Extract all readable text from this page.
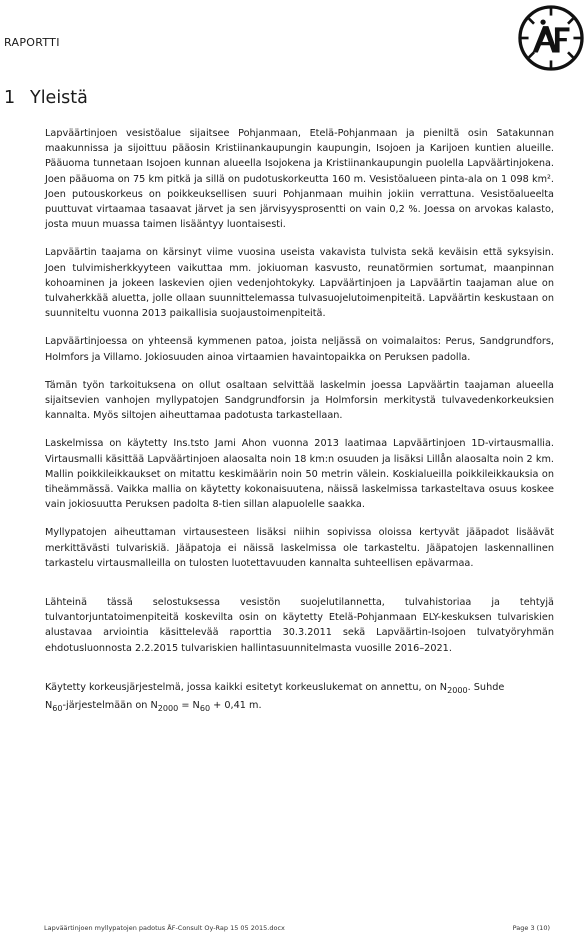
RAPORTTI
1 Yleistä

Lapväärtinjoen vesistöalue sijaitsee Pohjanmaan, Etelä-Pohjanmaan ja pieniltä osin Satakunnan maakunnissa ja sijoittuu pääosin Kristiinankaupungin kaupungin, Isojoen ja Karijoen kuntien alueille. Pääuoma tunnetaan Isojoen kunnan alueella Isojokena ja Kristiinankaupungin puolella Lapväärtinjokena. Joen pääuoma on 75 km pitkä ja sillä on pudotuskorkeutta 160 m. Vesistöalueen pinta-ala on 1 098 km². Joen putouskorkeus on poikkeuksellisen suuri Pohjanmaan muihin jokiin verrattuna. Vesistöalueelta puuttuvat virtaamaa tasaavat järvet ja sen järvisyysprosentti on vain 0,2 %. Joessa on arvokas kalasto, josta muun muassa taimen lisääntyy luontaisesti.

Lapväärtin taajama on kärsinyt viime vuosina useista vakavista tulvista sekä keväisin että syksyisin. Joen tulvimisherkkyyteen vaikuttaa mm. jokiuoman kasvusto, reunatörmien sortumat, maanpinnan kohoaminen ja jokeen laskevien ojien vedenjohtokyky. Lapväärtinjoen ja Lapväärtin taajaman alue on tulvaherkkää aluetta, jolle ollaan suunnittelemassa tulvasuojelutoimenpiteitä. Lapväärtin keskustaan on suunniteltu vuonna 2013 paikallisia suojaustoimenpiteitä.

Lapväärtinjoessa on yhteensä kymmenen patoa, joista neljässä on voimalaitos: Perus, Sandgrundfors, Holmfors ja Villamo. Jokiosuuden ainoa virtaamien havaintopaikka on Peruksen padolla.

Tämän työn tarkoituksena on ollut osaltaan selvittää laskelmin joessa Lapväärtin taajaman alueella sijaitsevien vanhojen myllypatojen Sandgrundforsin ja Holmforsin merkitystä tulvavedenkorkeuksien kannalta. Myös siltojen aiheuttamaa padotusta tarkastellaan.

Laskelmissa on käytetty Ins.tsto Jami Ahon vuonna 2013 laatimaa Lapväärtinjoen 1D-virtausmallia. Virtausmalli käsittää Lapväärtinjoen alaosalta noin 18 km:n osuuden ja lisäksi Lillån alaosalta noin 2 km. Mallin poikkileikkaukset on mitattu keskimäärin noin 50 metrin välein. Koskialueilla poikkileikkauksia on tiheämmässä. Vaikka mallia on käytetty kokonaisuutena, näissä laskelmissa tarkasteltava osuus koskee vain jokiosuutta Peruksen padolta 8-tien sillan alapuolelle saakka.

Myllypatojen aiheuttaman virtausesteen lisäksi niihin sopivissa oloissa kertyvät jääpadot lisäävät merkittävästi tulvariskiä. Jääpatoja ei näissä laskelmissa ole tarkasteltu. Jääpatojen laskennallinen tarkastelu virtausmalleilla on tulosten luotettavuuden kannalta suhteellisen epävarmaa.

Lähteinä tässä selostuksessa vesistön suojelutilannetta, tulvahistoriaa ja tehtyjä tulvantorjuntatoimenpiteitä koskevilta osin on käytetty Etelä-Pohjanmaan ELY-keskuksen tulvariskien alustavaa arviointia käsittelevää raporttia 30.3.2011 sekä Lapväärtin-Isojoen tulvatyöryhmän ehdotusluonnosta 2.2.2015 tulvariskien hallintasuunnitelmasta vuosille 2016–2021.

Käytetty korkeusjärjestelmä, jossa kaikki esitetyt korkeuslukemat on annettu, on $N_{2000}$. Suhde
$N_{60}$-järjestelmään on $N_{2000} = N_{60} + 0,41$ m.

Lapväärtinjoen myllypatojen padotus ÅF-Consult Oy-Rap 15 05 2015.docx	Page 3 (10)
